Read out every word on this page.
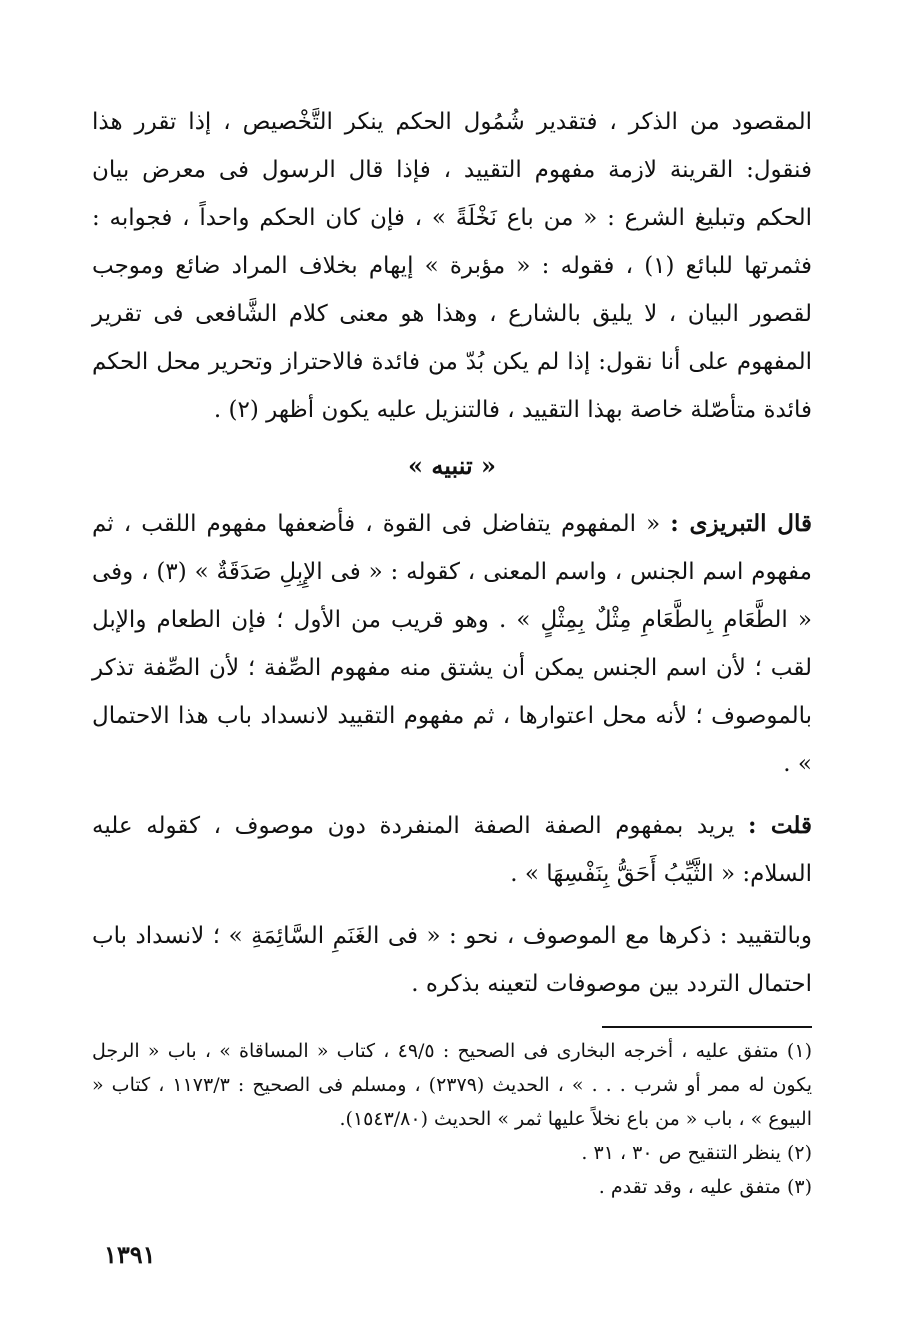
المقصود من الذكر ، فتقدير شُمُول الحكم ينكر التَّخْصيص ، إذا تقرر هذا فنقول: القرينة لازمة مفهوم التقييد ، فإذا قال الرسول فى معرض بيان الحكم وتبليغ الشرع : « من باع نَخْلَةً » ، فإن كان الحكم واحداً ، فجوابه : فثمرتها للبائع (١) ، فقوله : « مؤبرة » إيهام بخلاف المراد ضائع وموجب لقصور البيان ، لا يليق بالشارع ، وهذا هو معنى كلام الشَّافعى فى تقرير المفهوم على أنا نقول: إذا لم يكن بُدّ من فائدة فالاحتراز وتحرير محل الحكم فائدة متأصّلة خاصة بهذا التقييد ، فالتنزيل عليه يكون أظهر (٢) .

« تنبيه »

قال التبريزى : « المفهوم يتفاضل فى القوة ، فأضعفها مفهوم اللقب ، ثم مفهوم اسم الجنس ، واسم المعنى ، كقوله : « فى الإِبِلِ صَدَقَةٌ » (٣) ، وفى « الطَّعَامِ بِالطَّعَامِ مِثْلٌ بِمِثْلٍ » . وهو قريب من الأول ؛ فإن الطعام والإبل لقب ؛ لأن اسم الجنس يمكن أن يشتق منه مفهوم الصِّفة ؛ لأن الصِّفة تذكر بالموصوف ؛ لأنه محل اعتوارها ، ثم مفهوم التقييد لانسداد باب هذا الاحتمال » .

قلت : يريد بمفهوم الصفة الصفة المنفردة دون موصوف ، كقوله عليه السلام: « الثَّيِّبُ أَحَقُّ بِنَفْسِهَا » .

وبالتقييد : ذكرها مع الموصوف ، نحو : « فى الغَنَمِ السَّائِمَةِ » ؛ لانسداد باب احتمال التردد بين موصوفات لتعينه بذكره .

(١) متفق عليه ، أخرجه البخارى فى الصحيح : ٤٩/٥ ، كتاب « المساقاة » ، باب « الرجل يكون له ممر أو شرب . . . » ، الحديث (٢٣٧٩) ، ومسلم فى الصحيح : ١١٧٣/٣ ، كتاب « البيوع » ، باب « من باع نخلاً عليها ثمر » الحديث (١٥٤٣/٨٠).

(٢) ينظر التنقيح ص ٣٠ ، ٣١ .

(٣) متفق عليه ، وقد تقدم .

١٣٩١
